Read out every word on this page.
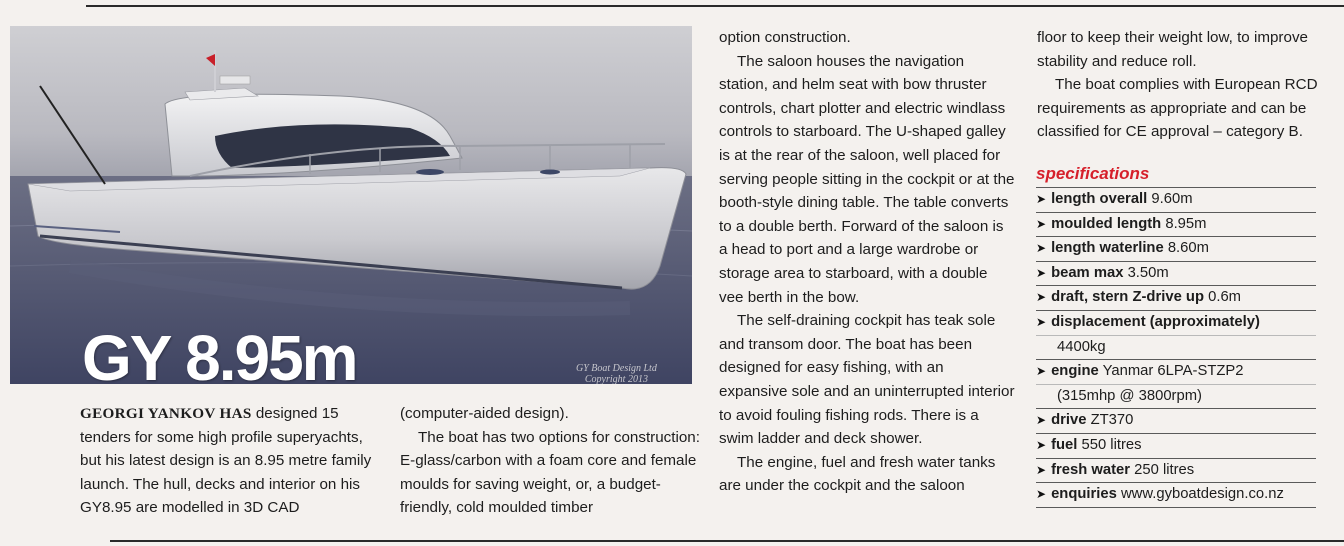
GY 8.95m	GY Boat Design Ltd
Copyright 2013

GEORGI YANKOV HAS designed 15 tenders for some high profile superyachts, but his latest design is an 8.95 metre family launch. The hull, decks and interior on his GY8.95 are modelled in 3D CAD

(computer-aided design).

The boat has two options for construction: E-glass/carbon with a foam core and female moulds for saving weight, or, a budget-friendly, cold moulded timber

option construction.

The saloon houses the navigation station, and helm seat with bow thruster controls, chart plotter and electric windlass controls to starboard. The U-shaped galley is at the rear of the saloon, well placed for serving people sitting in the cockpit or at the booth-style dining table. The table converts to a double berth. Forward of the saloon is a head to port and a large wardrobe or storage area to starboard, with a double vee berth in the bow.

The self-draining cockpit has teak sole and transom door. The boat has been designed for easy fishing, with an expansive sole and an uninterrupted interior to avoid fouling fishing rods. There is a swim ladder and deck shower.

The engine, fuel and fresh water tanks are under the cockpit and the saloon

floor to keep their weight low, to improve stability and reduce roll.

The boat complies with European RCD requirements as appropriate and can be classified for CE approval – category B.

specifications
➤ length overall 9.60m
➤ moulded length 8.95m
➤ length waterline 8.60m
➤ beam max 3.50m
➤ draft, stern Z-drive up 0.6m
➤ displacement (approximately)
4400kg
➤ engine Yanmar 6LPA-STZP2
(315mhp @ 3800rpm)
➤ drive ZT370
➤ fuel 550 litres
➤ fresh water 250 litres
➤ enquiries www.gyboatdesign.co.nz
